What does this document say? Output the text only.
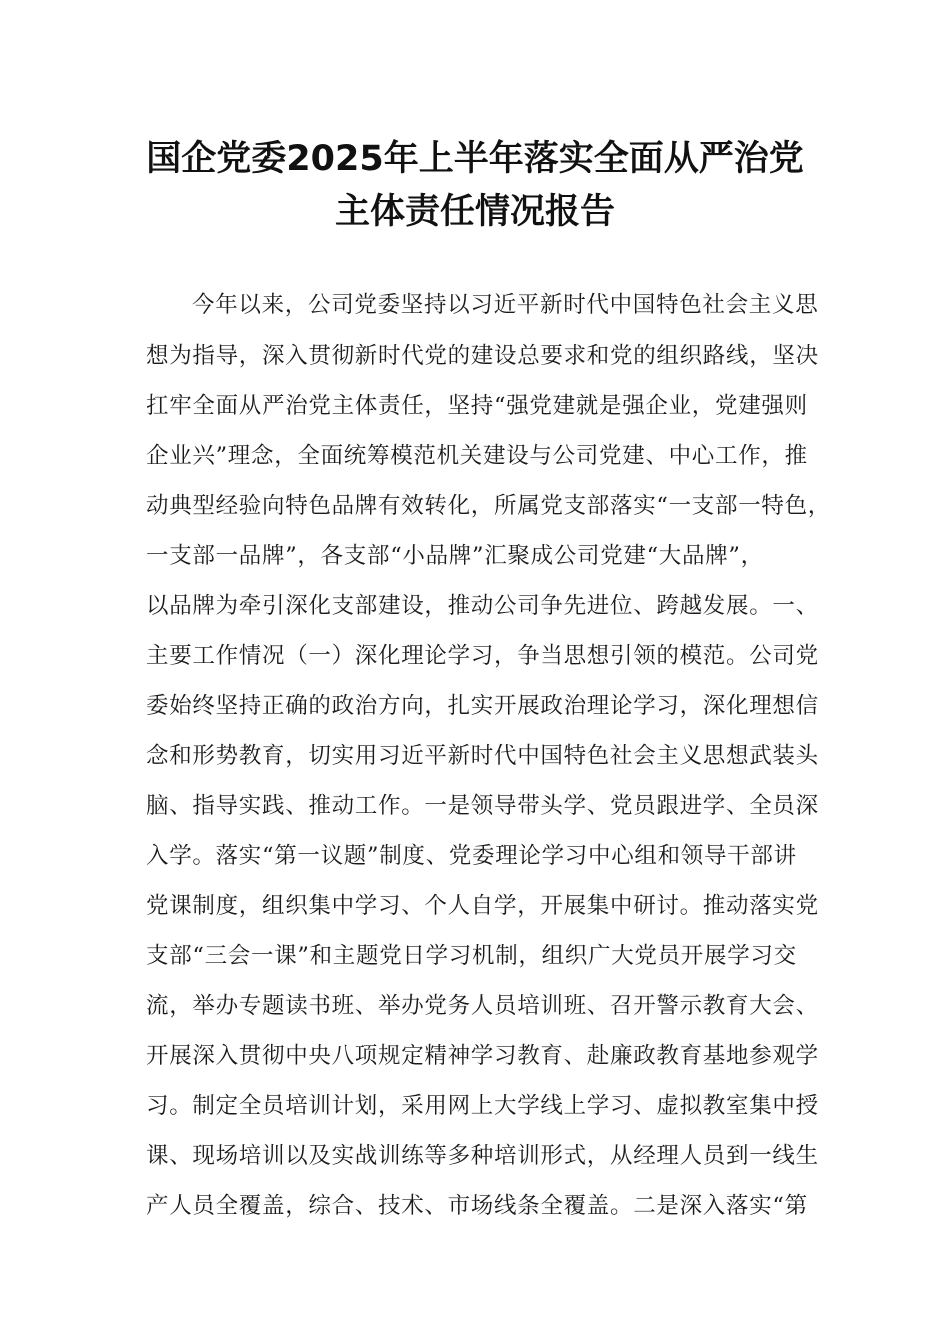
国企党委2025年上半年落实全面从严治党
主体责任情况报告
今年以来，公司党委坚持以习近平新时代中国特色社会主义思
想为指导，深入贯彻新时代党的建设总要求和党的组织路线，坚决
扛牢全面从严治党主体责任，坚持“强党建就是强企业，党建强则
企业兴”理念，全面统筹模范机关建设与公司党建、中心工作，推
动典型经验向特色品牌有效转化，所属党支部落实“一支部一特色，
一支部一品牌”，各支部“小品牌”汇聚成公司党建“大品牌”，
以品牌为牵引深化支部建设，推动公司争先进位、跨越发展。一、
主要工作情况（一）深化理论学习，争当思想引领的模范。公司党
委始终坚持正确的政治方向，扎实开展政治理论学习，深化理想信
念和形势教育，切实用习近平新时代中国特色社会主义思想武装头
脑、指导实践、推动工作。一是领导带头学、党员跟进学、全员深
入学。落实“第一议题”制度、党委理论学习中心组和领导干部讲
党课制度，组织集中学习、个人自学，开展集中研讨。推动落实党
支部“三会一课”和主题党日学习机制，组织广大党员开展学习交
流，举办专题读书班、举办党务人员培训班、召开警示教育大会、
开展深入贯彻中央八项规定精神学习教育、赴廉政教育基地参观学
习。制定全员培训计划，采用网上大学线上学习、虚拟教室集中授
课、现场培训以及实战训练等多种培训形式，从经理人员到一线生
产人员全覆盖，综合、技术、市场线条全覆盖。二是深入落实“第
